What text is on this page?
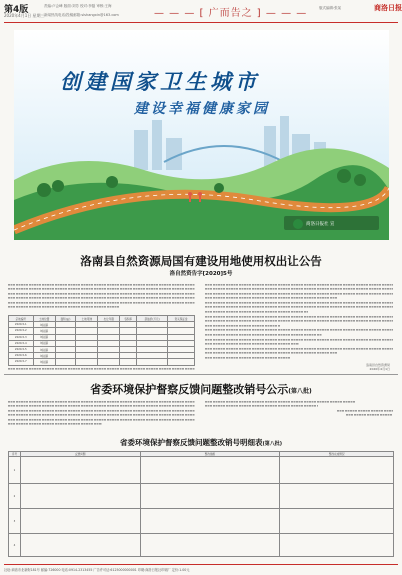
第4版
2020年4月1日 星期三
责编:卢会峰 版面:刘芳 校对:李磊 审核:王海
新闻热线电话/投稿邮箱:slshangxin@163.com	— — — [ 广而告之 ] — — —	版式编辑:张某	商洛日报
创建国家卫生城市
建设幸福健康家园
商洛日报社 宣
洛南县自然资源局国有建设用地使用权出让公告
洛自然资告字[2020]5号
宗地编号	土地位置	面积(㎡)	土地用途	出让年限	容积率	起始价(万元)	竞买保证金
2020-5-1	城关镇						
2020-5-2	城关镇						
2020-5-3	城关镇						
2020-5-4	城关镇						
2020-5-5	城关镇						
2020-5-6	城关镇						
2020-5-7	城关镇						
洛南县自然资源局
2020年4月1日
省委环境保护督察反馈问题整改销号公示(第八批)
省委环境保护督察反馈问题整改销号明细表(第八批)
序号	反馈问题	整改措施	整改完成情况
1	

2	

3	

4	

社址:商洛市北新街181号 邮编:726000 电话:0914-2313455 广告许可证:6125000000001 印刷:商洛日报社印刷厂 定价:1.00元
